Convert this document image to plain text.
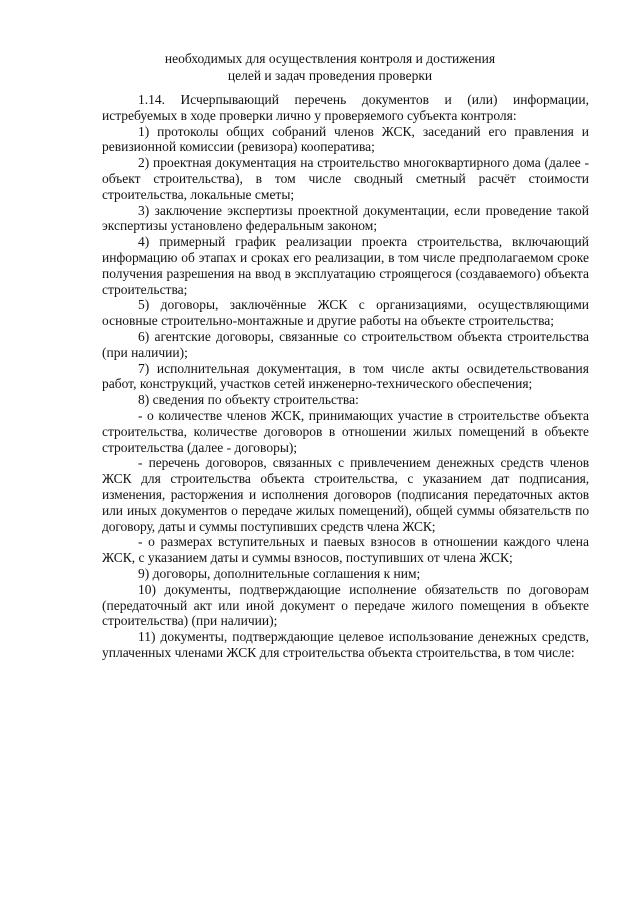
необходимых для осуществления контроля и достижения
целей и задач проведения проверки

1.14. Исчерпывающий перечень документов и (или) информации, истребуемых в ходе проверки лично у проверяемого субъекта контроля:

1) протоколы общих собраний членов ЖСК, заседаний его правления и ревизионной комиссии (ревизора) кооператива;

2) проектная документация на строительство многоквартирного дома (далее - объект строительства), в том числе сводный сметный расчёт стоимости строительства, локальные сметы;

3) заключение экспертизы проектной документации, если проведение такой экспертизы установлено федеральным законом;

4) примерный график реализации проекта строительства, включающий информацию об этапах и сроках его реализации, в том числе предполагаемом сроке получения разрешения на ввод в эксплуатацию строящегося (создаваемого) объекта строительства;

5) договоры, заключённые ЖСК с организациями, осуществляющими основные строительно-монтажные и другие работы на объекте строительства;

6) агентские договоры, связанные со строительством объекта строительства (при наличии);

7) исполнительная документация, в том числе акты освидетельствования работ, конструкций, участков сетей инженерно-технического обеспечения;

8) сведения по объекту строительства:

- о количестве членов ЖСК, принимающих участие в строительстве объекта строительства, количестве договоров в отношении жилых помещений в объекте строительства (далее - договоры);

- перечень договоров, связанных с привлечением денежных средств членов ЖСК для строительства объекта строительства, с указанием дат подписания, изменения, расторжения и исполнения договоров (подписания передаточных актов или иных документов о передаче жилых помещений), общей суммы обязательств по договору, даты и суммы поступивших средств члена ЖСК;

- о размерах вступительных и паевых взносов в отношении каждого члена ЖСК, с указанием даты и суммы взносов, поступивших от члена ЖСК;

9) договоры, дополнительные соглашения к ним;

10) документы, подтверждающие исполнение обязательств по договорам (передаточный акт или иной документ о передаче жилого помещения в объекте строительства) (при наличии);

11) документы, подтверждающие целевое использование денежных средств, уплаченных членами ЖСК для строительства объекта строительства, в том числе:
